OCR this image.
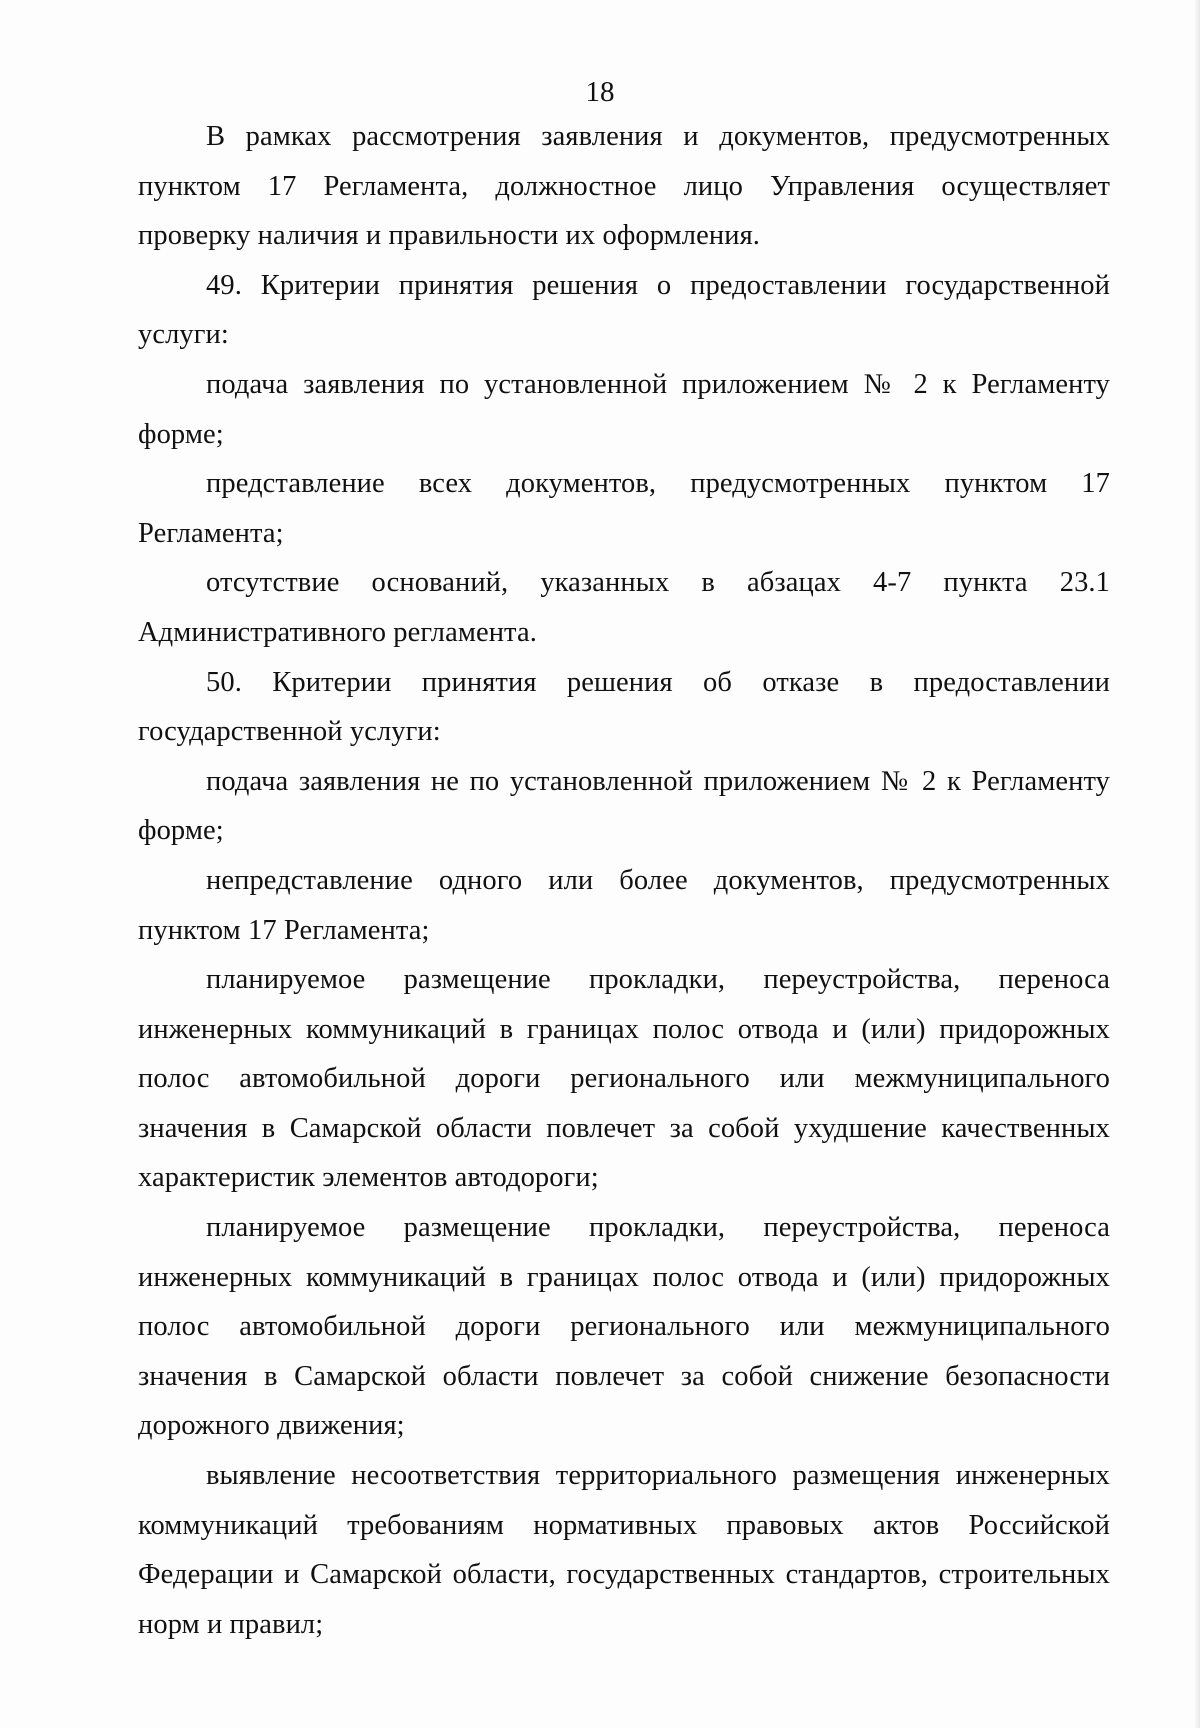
18

В рамках рассмотрения заявления и документов, предусмотренных пунктом 17 Регламента, должностное лицо Управления осуществляет проверку наличия и правильности их оформления.

49. Критерии принятия решения о предоставлении государственной услуги:

подача заявления по установленной приложением № 2 к Регламенту форме;

представление всех документов, предусмотренных пунктом 17 Регламента;

отсутствие оснований, указанных в абзацах 4-7 пункта 23.1 Административного регламента.

50. Критерии принятия решения об отказе в предоставлении государственной услуги:

подача заявления не по установленной приложением № 2 к Регламенту форме;

непредставление одного или более документов, предусмотренных пунктом 17 Регламента;

планируемое размещение прокладки, переустройства, переноса инженерных коммуникаций в границах полос отвода и (или) придорожных полос автомобильной дороги регионального или межмуниципального значения в Самарской области повлечет за собой ухудшение качественных характеристик элементов автодороги;

планируемое размещение прокладки, переустройства, переноса инженерных коммуникаций в границах полос отвода и (или) придорожных полос автомобильной дороги регионального или межмуниципального значения в Самарской области повлечет за собой снижение безопасности дорожного движения;

выявление несоответствия территориального размещения инженерных коммуникаций требованиям нормативных правовых актов Российской Федерации и Самарской области, государственных стандартов, строительных норм и правил;
